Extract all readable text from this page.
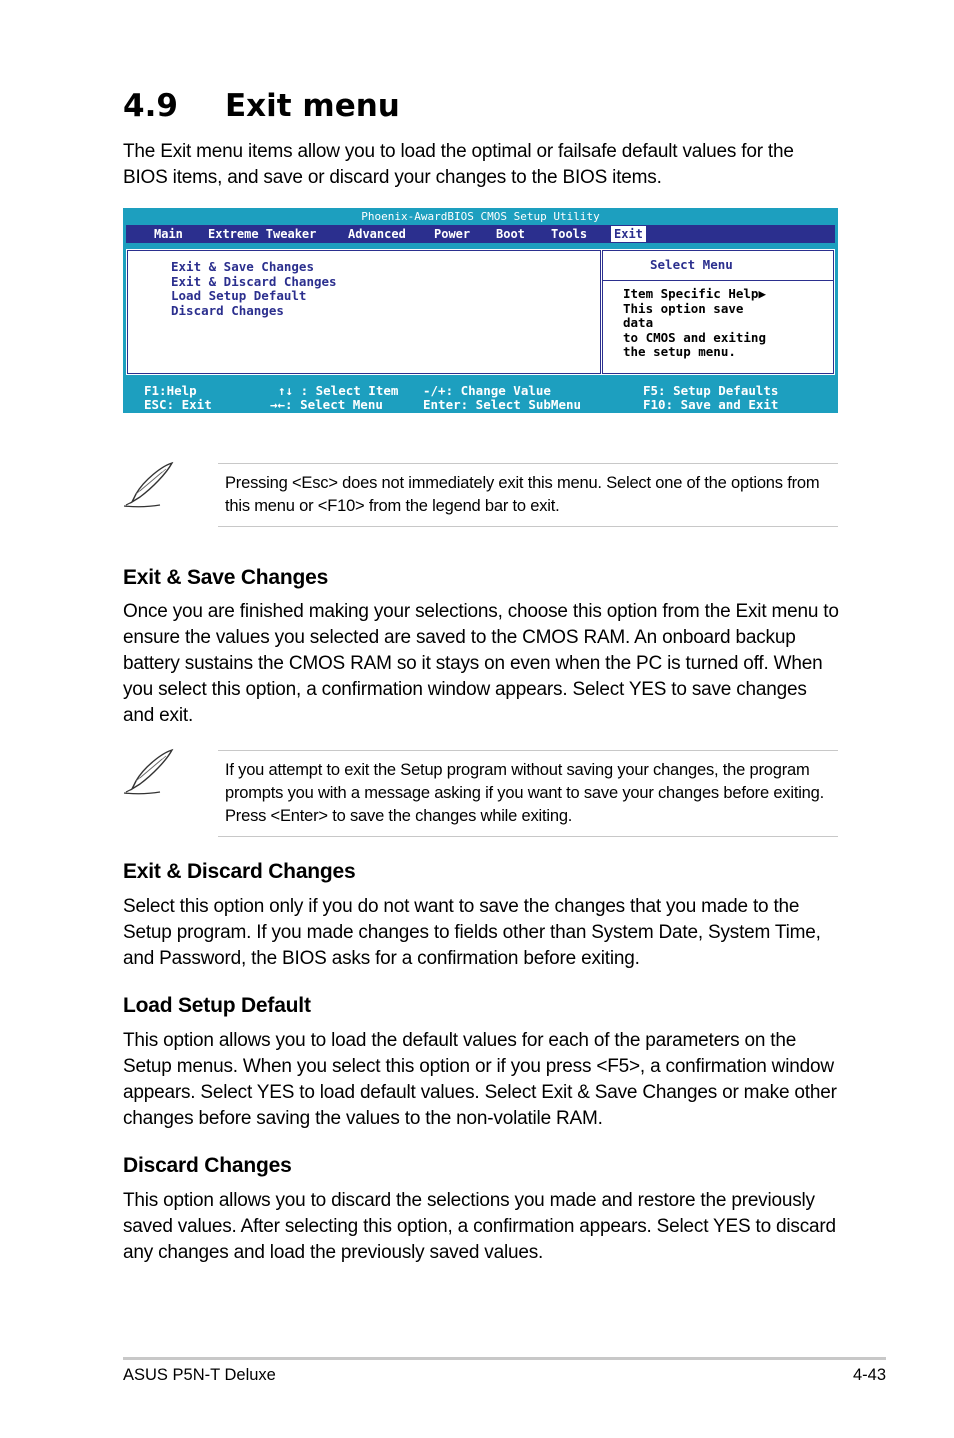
4.9 Exit menu
The Exit menu items allow you to load the optimal or failsafe default values for the BIOS items, and save or discard your changes to the BIOS items.
Phoenix-AwardBIOS CMOS Setup Utility
Main Extreme Tweaker	Advanced Power Boot Tools Exit
Exit & Save Changes
Exit & Discard Changes
Load Setup Default
Discard Changes
Select Menu
Item Specific Help▶
This option save
data
to CMOS and exiting
the setup menu.
F1:Help	↑↓ : Select Item -/+: Change Value	F5: Setup Defaults
ESC: Exit	→←: Select Menu	Enter: Select SubMenu	F10: Save and Exit
Pressing <Esc> does not immediately exit this menu. Select one of the options from this menu or <F10> from the legend bar to exit.
Exit & Save Changes
Once you are finished making your selections, choose this option from the Exit menu to ensure the values you selected are saved to the CMOS RAM. An onboard backup battery sustains the CMOS RAM so it stays on even when the PC is turned off. When you select this option, a confirmation window appears. Select YES to save changes and exit.
If you attempt to exit the Setup program without saving your changes, the program prompts you with a message asking if you want to save your changes before exiting. Press <Enter> to save the changes while exiting.
Exit & Discard Changes
Select this option only if you do not want to save the changes that you made to the Setup program. If you made changes to fields other than System Date, System Time, and Password, the BIOS asks for a confirmation before exiting.
Load Setup Default
This option allows you to load the default values for each of the parameters on the Setup menus. When you select this option or if you press <F5>, a confirmation window appears. Select YES to load default values. Select Exit & Save Changes or make other changes before saving the values to the non-volatile RAM.
Discard Changes
This option allows you to discard the selections you made and restore the previously saved values. After selecting this option, a confirmation appears. Select YES to discard any changes and load the previously saved values.
ASUS P5N-T Deluxe	4-43
